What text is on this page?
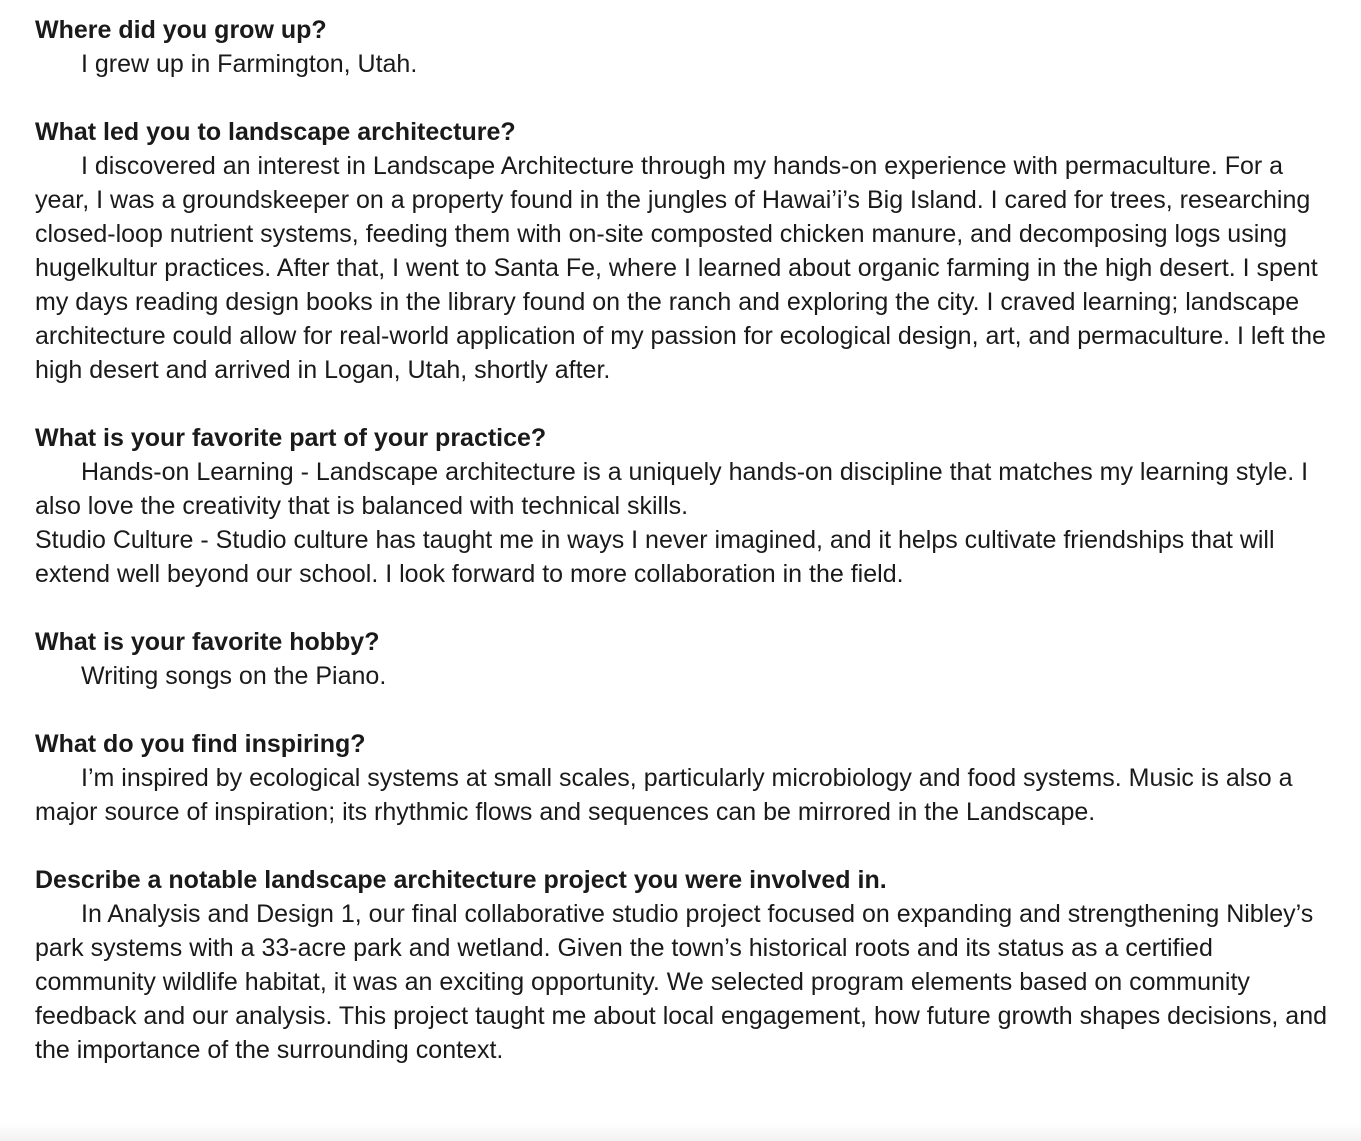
Where did you grow up?
I grew up in Farmington, Utah.
What led you to landscape architecture?
I discovered an interest in Landscape Architecture through my hands-on experience with permaculture. For a year, I was a groundskeeper on a property found in the jungles of Hawai’i’s Big Island. I cared for trees, researching closed-loop nutrient systems, feeding them with on-site composted chicken manure, and decomposing logs using hugelkultur practices. After that, I went to Santa Fe, where I learned about organic farming in the high desert. I spent my days reading design books in the library found on the ranch and exploring the city. I craved learning; landscape architecture could allow for real-world application of my passion for ecological design, art, and permaculture. I left the high desert and arrived in Logan, Utah, shortly after.
What is your favorite part of your practice?
Hands-on Learning - Landscape architecture is a uniquely hands-on discipline that matches my learning style. I also love the creativity that is balanced with technical skills.
Studio Culture - Studio culture has taught me in ways I never imagined, and it helps cultivate friendships that will extend well beyond our school. I look forward to more collaboration in the field.
What is your favorite hobby?
Writing songs on the Piano.
What do you find inspiring?
I’m inspired by ecological systems at small scales, particularly microbiology and food systems. Music is also a major source of inspiration; its rhythmic flows and sequences can be mirrored in the Landscape.
Describe a notable landscape architecture project you were involved in.
In Analysis and Design 1, our final collaborative studio project focused on expanding and strengthening Nibley’s park systems with a 33-acre park and wetland. Given the town’s historical roots and its status as a certified community wildlife habitat, it was an exciting opportunity. We selected program elements based on community feedback and our analysis. This project taught me about local engagement, how future growth shapes decisions, and the importance of the surrounding context.
